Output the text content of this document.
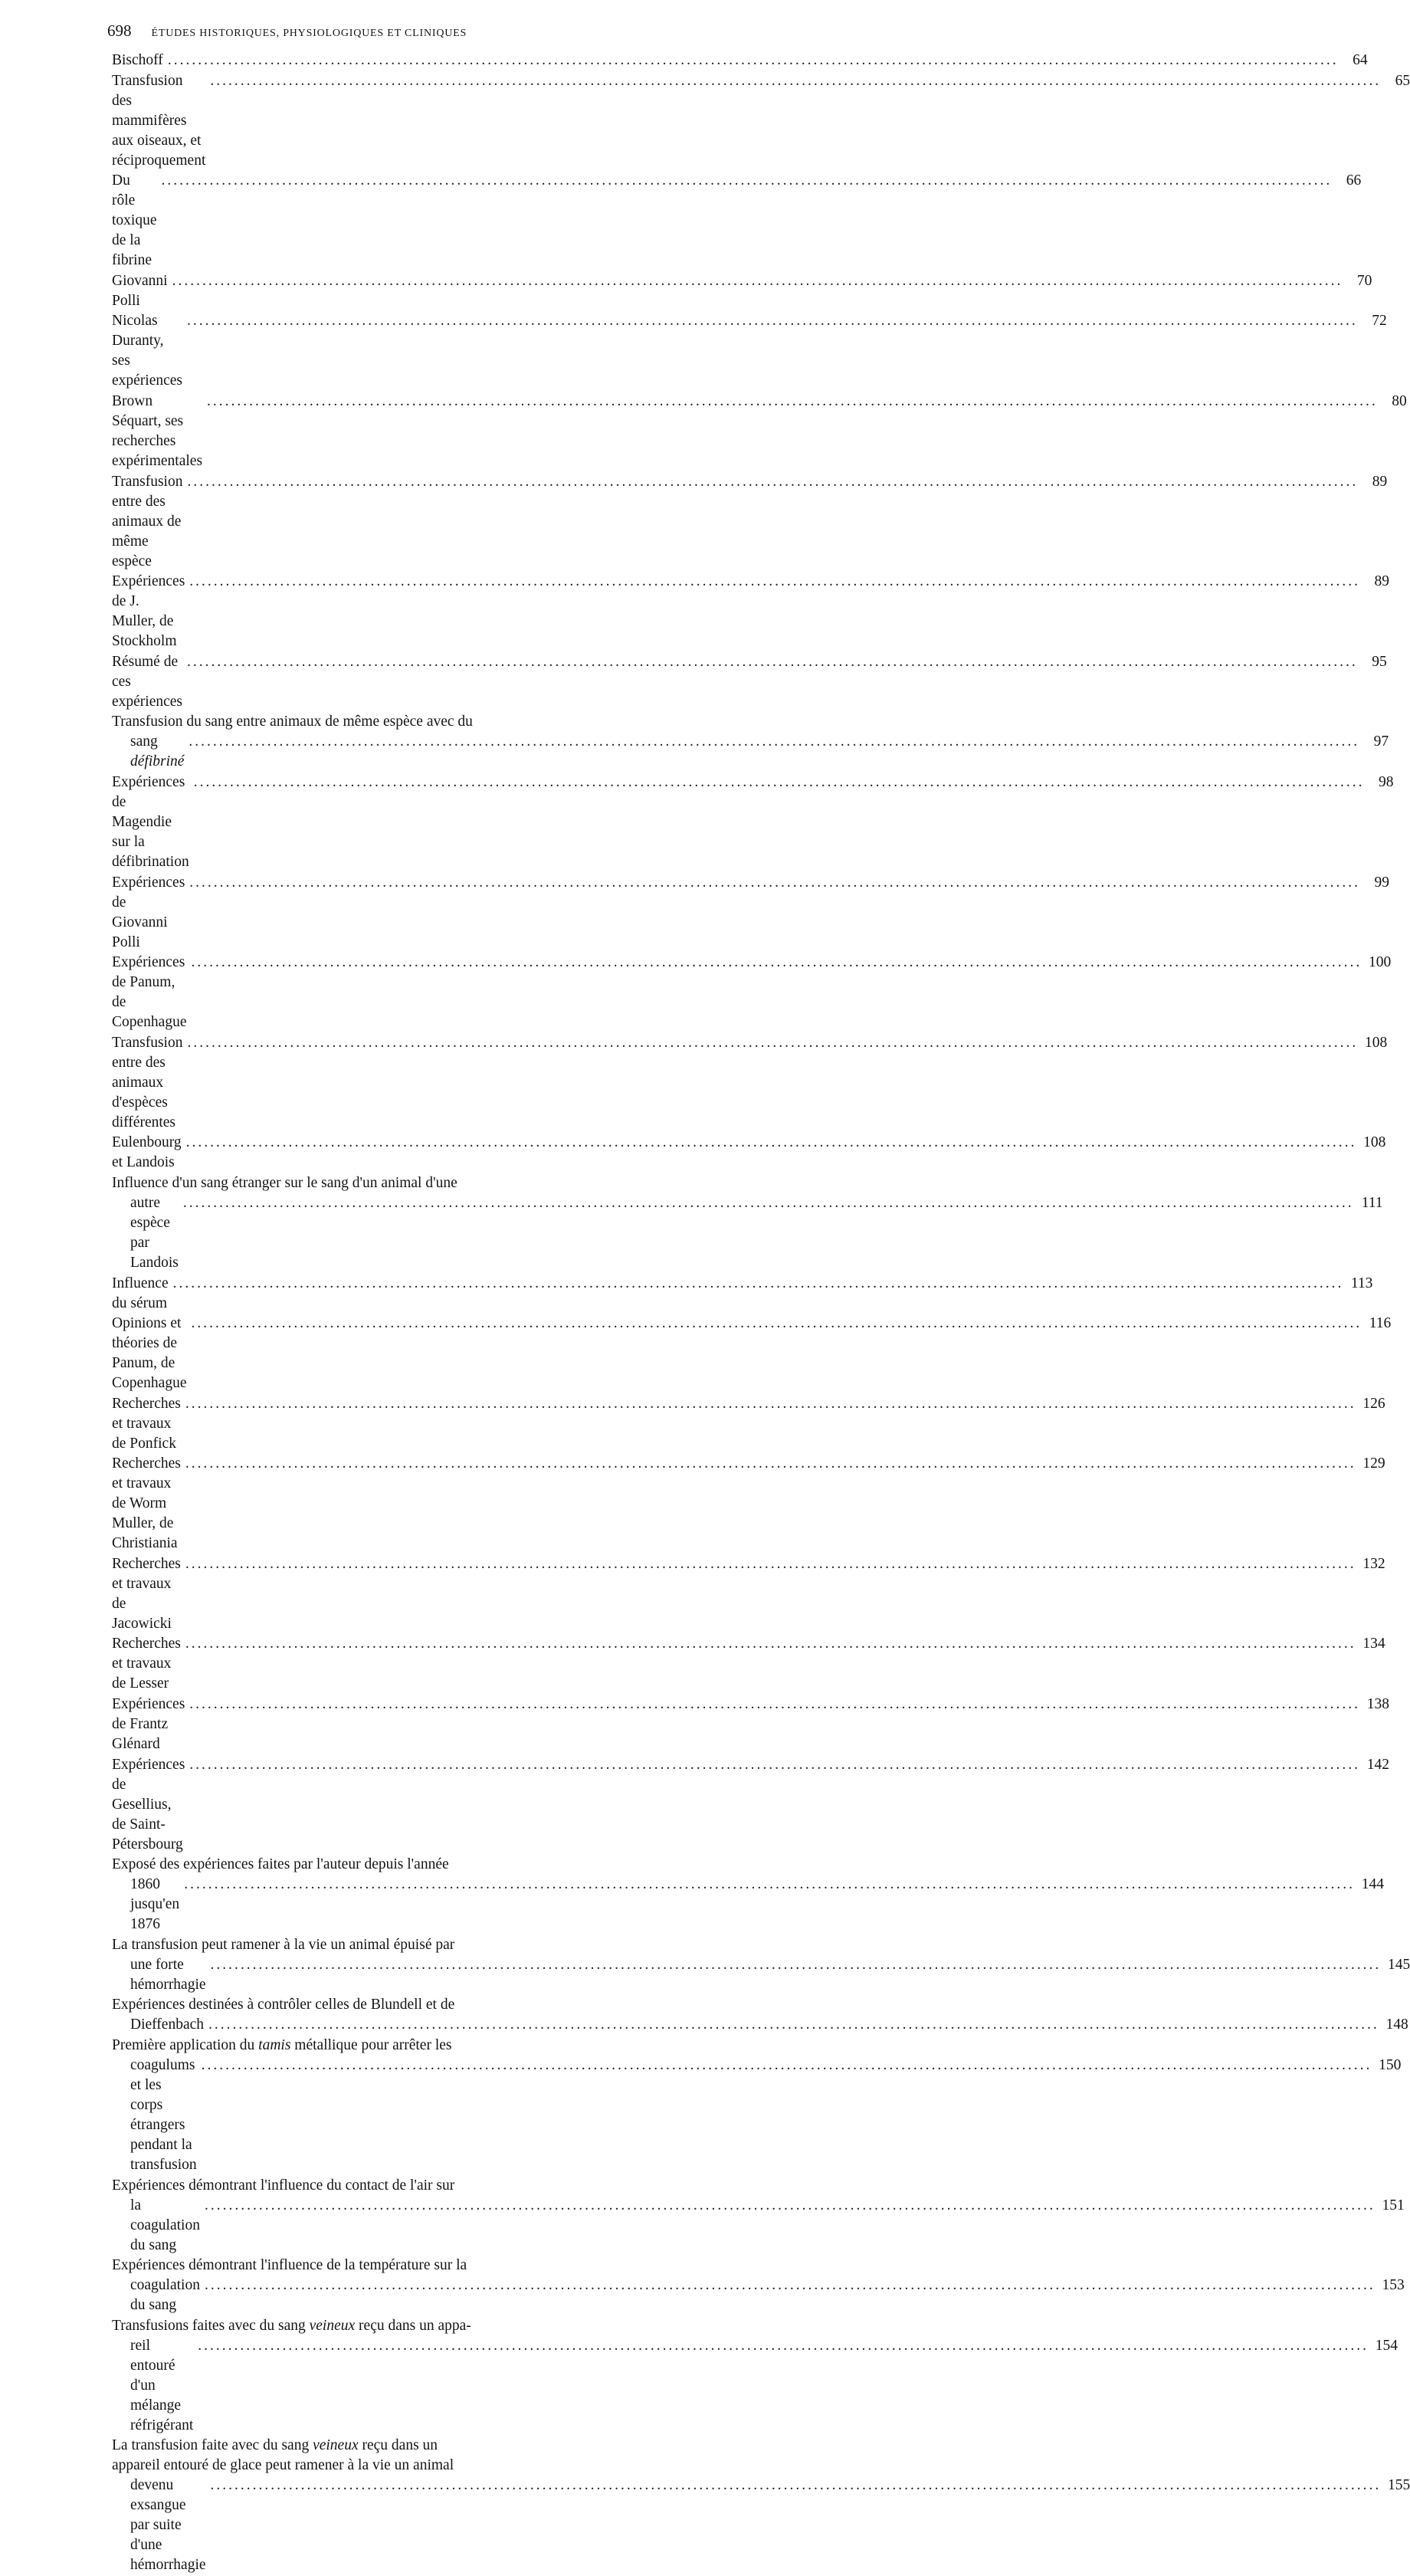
698 ÉTUDES HISTORIQUES, PHYSIOLOGIQUES ET CLINIQUES
Bischoff .....	64
Transfusion des mammifères aux oiseaux, et réciproquement
.....
65
Du rôle toxique de la fibrine
.....
66
Giovanni Polli
.....
70
Nicolas Duranty, ses expériences
.....
72
Brown Séquart, ses recherches expérimentales
.....
80
Transfusion entre des animaux de même espèce
.....
89
Expériences de J. Muller, de Stockholm
.....
89
Résumé de ces expériences
.....
95
Transfusion du sang entre animaux de même espèce avec du
sang défibriné
.....
97
Expériences de Magendie sur la défibrination
.....
98
Expériences de Giovanni Polli
.....
99
Expériences de Panum, de Copenhague
.....
100
Transfusion entre des animaux d'espèces différentes
.....
108
Eulenbourg et Landois
.....
108
Influence d'un sang étranger sur le sang d'un animal d'une
autre espèce par Landois
.....
111
Influence du sérum
.....
113
Opinions et théories de Panum, de Copenhague
.....
116
Recherches et travaux de Ponfick
.....
126
Recherches et travaux de Worm Muller, de Christiania
.....
129
Recherches et travaux de Jacowicki
.....
132
Recherches et travaux de Lesser
.....
134
Expériences de Frantz Glénard
.....
138
Expériences de Gesellius, de Saint-Pétersbourg
.....
142
Exposé des expériences faites par l'auteur depuis l'année
1860 jusqu'en 1876
.....
144
La transfusion peut ramener à la vie un animal épuisé par
une forte hémorrhagie
.....
145
Expériences destinées à contrôler celles de Blundell et de
Dieffenbach .....	148
Première application du tamis métallique pour arrêter les
coagulums et les corps étrangers pendant la transfusion
.....
150
Expériences démontrant l'influence du contact de l'air sur
la coagulation du sang
.....
151
Expériences démontrant l'influence de la température sur la
coagulation du sang
.....
153
Transfusions faites avec du sang veineux reçu dans un appa-
reil entouré d'un mélange réfrigérant
.....
154
La transfusion faite avec du sang veineux reçu dans un
appareil entouré de glace peut ramener à la vie un animal
devenu exsangue par suite d'une hémorrhagie
.....
155
